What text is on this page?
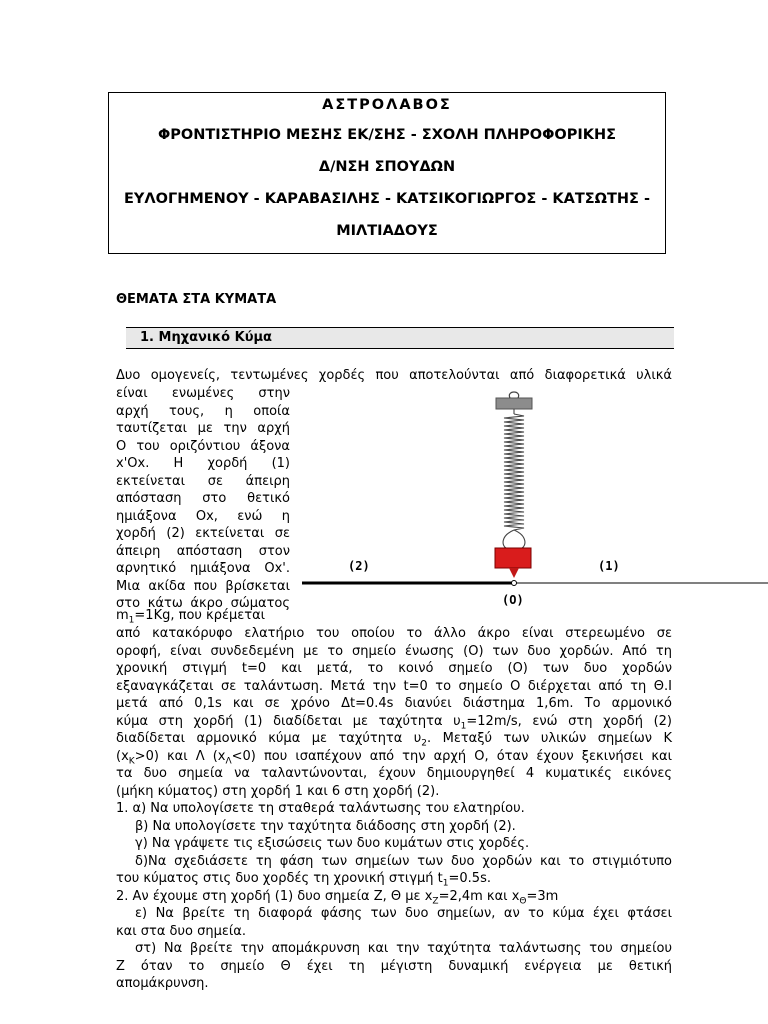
ΑΣΤΡΟΛΑΒΟΣ
ΦΡΟΝΤΙΣΤΗΡΙΟ ΜΕΣΗΣ ΕΚ/ΣΗΣ - ΣΧΟΛΗ ΠΛΗΡΟΦΟΡΙΚΗΣ
Δ/ΝΣΗ ΣΠΟΥΔΩΝ
ΕΥΛΟΓΗΜΕΝΟΥ - ΚΑΡΑΒΑΣΙΛΗΣ - ΚΑΤΣΙΚΟΓΙΩΡΓΟΣ - ΚΑΤΣΩΤΗΣ -
ΜΙΛΤΙΑΔΟΥΣ
ΘΕΜΑΤΑ ΣΤΑ ΚΥΜΑΤΑ
1. Μηχανικό Κύμα
Δυο ομογενείς, τεντωμένες χορδές που αποτελούνται από διαφορετικά υλικά
είναι ενωμένες στην
αρχή τους, η οποία
ταυτίζεται με την αρχή
Ο του οριζόντιου άξονα
x'Ox. Η χορδή (1)
εκτείνεται σε άπειρη
απόσταση στο θετικό
ημιάξονα Οx, ενώ η
χορδή (2) εκτείνεται σε
άπειρη απόσταση στον
αρνητικό ημιάξονα Οx'.
Μια ακίδα που βρίσκεται
στο κάτω άκρο σώματος
$m_1=1Kg$, που κρέμεται
(2)	(1)
(O)
από κατακόρυφο ελατήριο του οποίου το άλλο άκρο είναι στερεωμένο σε
οροφή, είναι συνδεδεμένη με το σημείο ένωσης (Ο) των δυο χορδών. Από τη
χρονική στιγμή t=0 και μετά, το κοινό σημείο (Ο) των δυο χορδών
εξαναγκάζεται σε ταλάντωση. Μετά την t=0 το σημείο Ο διέρχεται από τη Θ.Ι
μετά από 0,1s και σε χρόνο Δt=0.4s διανύει διάστημα 1,6m. Το αρμονικό
κύμα στη χορδή (1) διαδίδεται με ταχύτητα $\upsilon_1=12m/s$, ενώ στη χορδή (2)
διαδίδεται αρμονικό κύμα με ταχύτητα $\upsilon_2$. Μεταξύ των υλικών σημείων Κ
$(x_K>0)$ και Λ $(x_\Lambda<0)$ που ισαπέχουν από την αρχή Ο, όταν έχουν ξεκινήσει και
τα δυο σημεία να ταλαντώνονται, έχουν δημιουργηθεί 4 κυματικές εικόνες
(μήκη κύματος) στη χορδή 1 και 6 στη χορδή (2).
1. α) Να υπολογίσετε τη σταθερά ταλάντωσης του ελατηρίου.
β) Να υπολογίσετε την ταχύτητα διάδοσης στη χορδή (2).
γ) Να γράψετε τις εξισώσεις των δυο κυμάτων στις χορδές.
δ)Να σχεδιάσετε τη φάση των σημείων των δυο χορδών και το στιγμιότυπο
του κύματος στις δυο χορδές τη χρονική στιγμή $t_1=0.5s$.
2. Αν έχουμε στη χορδή (1) δυο σημεία Ζ, Θ με $x_Z=2,4m$ και $x_\Theta=3m$
ε) Να βρείτε τη διαφορά φάσης των δυο σημείων, αν το κύμα έχει φτάσει
και στα δυο σημεία.
στ) Να βρείτε την απομάκρυνση και την ταχύτητα ταλάντωσης του σημείου
Ζ όταν το σημείο Θ έχει τη μέγιστη δυναμική ενέργεια με θετική
απομάκρυνση.
